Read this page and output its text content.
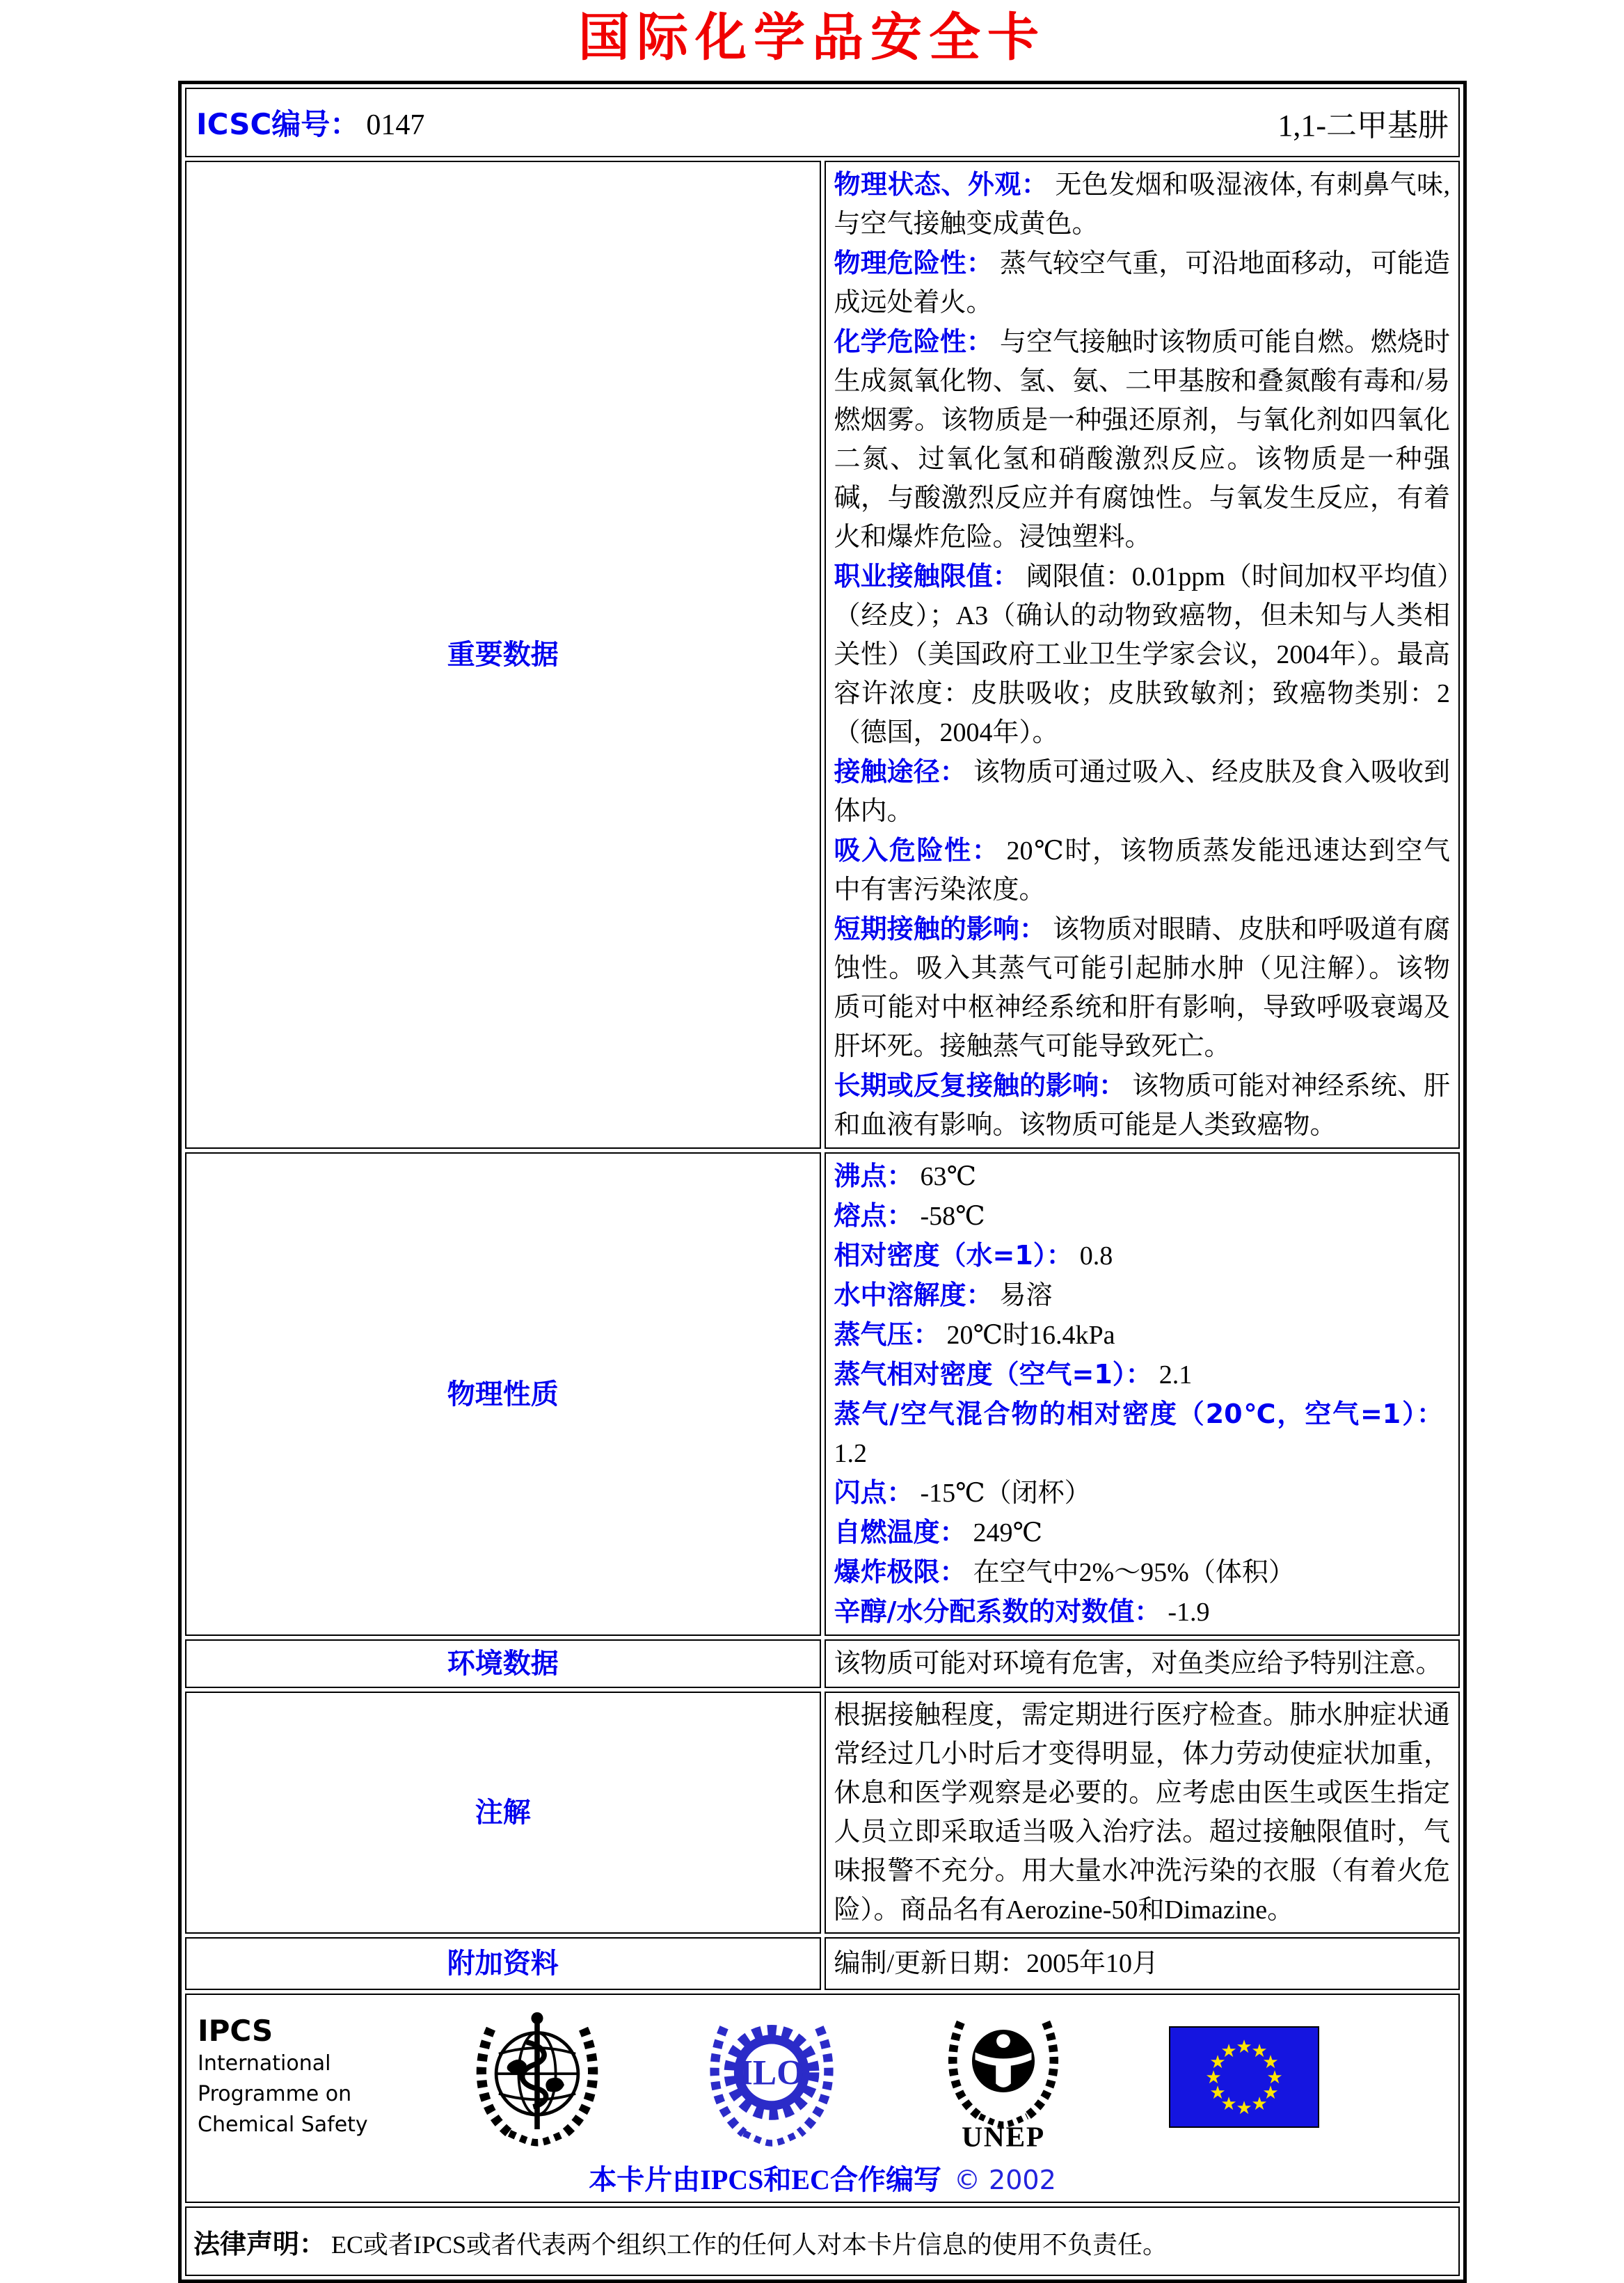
国际化学品安全卡
ICSC编号： 0147 1,1-二甲基肼	

重要数据	
物理状态、外观： 无色发烟和吸湿液体, 有刺鼻气味, 与空气接触变成黄色。
物理危险性： 蒸气较空气重，可沿地面移动，可能造成远处着火。
化学危险性： 与空气接触时该物质可能自燃。燃烧时生成氮氧化物、氢、氨、二甲基胺和叠氮酸有毒和/易燃烟雾。该物质是一种强还原剂，与氧化剂如四氧化二氮、过氧化氢和硝酸激烈反应。该物质是一种强碱，与酸激烈反应并有腐蚀性。与氧发生反应，有着火和爆炸危险。浸蚀塑料。
职业接触限值： 阈限值：0.01ppm（时间加权平均值）（经皮）；A3（确认的动物致癌物，但未知与人类相关性）（美国政府工业卫生学家会议，2004年）。最高容许浓度：皮肤吸收；皮肤致敏剂；致癌物类别：2（德国，2004年）。
接触途径： 该物质可通过吸入、经皮肤及食入吸收到体内。
吸入危险性： 20℃时，该物质蒸发能迅速达到空气中有害污染浓度。
短期接触的影响： 该物质对眼睛、皮肤和呼吸道有腐蚀性。吸入其蒸气可能引起肺水肿（见注解）。该物质可能对中枢神经系统和肝有影响，导致呼吸衰竭及肝坏死。接触蒸气可能导致死亡。
长期或反复接触的影响： 该物质可能对神经系统、肝和血液有影响。该物质可能是人类致癌物。

物理性质	
沸点： 63℃
熔点： -58℃
相对密度（水=1）： 0.8
水中溶解度： 易溶
蒸气压： 20℃时16.4kPa
蒸气相对密度（空气=1）： 2.1
蒸气/空气混合物的相对密度（20℃，空气=1）：1.2
闪点： -15℃（闭杯）
自燃温度： 249℃
爆炸极限： 在空气中2%～95%（体积）
辛醇/水分配系数的对数值： -1.9

环境数据	该物质可能对环境有危害，对鱼类应给予特别注意。

注解	根据接触程度，需定期进行医疗检查。肺水肿症状通常经过几小时后才变得明显，体力劳动使症状加重，休息和医学观察是必要的。应考虑由医生或医生指定人员立即采取适当吸入治疗法。超过接触限值时，气味报警不充分。用大量水冲洗污染的衣服（有着火危险）。商品名有Aerozine-50和Dimazine。

附加资料	编制/更新日期：2005年10月

IPCS
International
Programme on
Chemical Safety
ILO
UNEP
★
★
★
★
★
★
★
★
★
★
★
★
本卡片由IPCS和EC合作编写 © 2002

法律声明： EC或者IPCS或者代表两个组织工作的任何人对本卡片信息的使用不负责任。	
